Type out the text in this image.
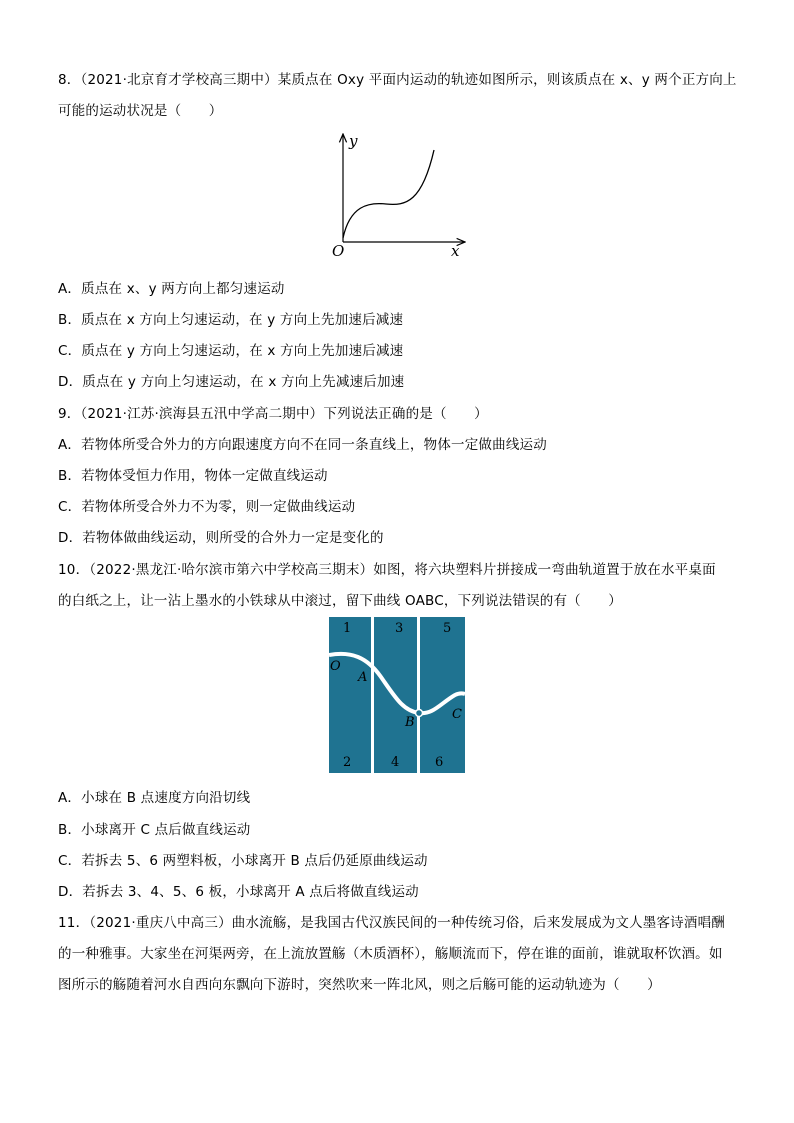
8．（2021·北京育才学校高三期中）某质点在 Oxy 平面内运动的轨迹如图所示，则该质点在 x、y 两个正方向上
可能的运动状况是（　　）
y
x
O
A．质点在 x、y 两方向上都匀速运动
B．质点在 x 方向上匀速运动，在 y 方向上先加速后减速
C．质点在 y 方向上匀速运动，在 x 方向上先加速后减速
D．质点在 y 方向上匀速运动，在 x 方向上先减速后加速
9．（2021·江苏·滨海县五汛中学高二期中）下列说法正确的是（　　）
A．若物体所受合外力的方向跟速度方向不在同一条直线上，物体一定做曲线运动
B．若物体受恒力作用，物体一定做直线运动
C．若物体所受合外力不为零，则一定做曲线运动
D．若物体做曲线运动，则所受的合外力一定是变化的
10．（2022·黑龙江·哈尔滨市第六中学校高三期末）如图，将六块塑料片拼接成一弯曲轨道置于放在水平桌面
的白纸之上，让一沾上墨水的小铁球从中滚过，留下曲线 OABC，下列说法错误的有（　　）
1	3	5
2	4	6
O
A
B
C
A．小球在 B 点速度方向沿切线
B．小球离开 C 点后做直线运动
C．若拆去 5、6 两塑料板，小球离开 B 点后仍延原曲线运动
D．若拆去 3、4、5、6 板，小球离开 A 点后将做直线运动
11．（2021·重庆八中高三）曲水流觞，是我国古代汉族民间的一种传统习俗，后来发展成为文人墨客诗酒唱酬
的一种雅事。大家坐在河渠两旁，在上流放置觞（木质酒杯），觞顺流而下，停在谁的面前，谁就取杯饮酒。如
图所示的觞随着河水自西向东飘向下游时，突然吹来一阵北风，则之后觞可能的运动轨迹为（　　）
